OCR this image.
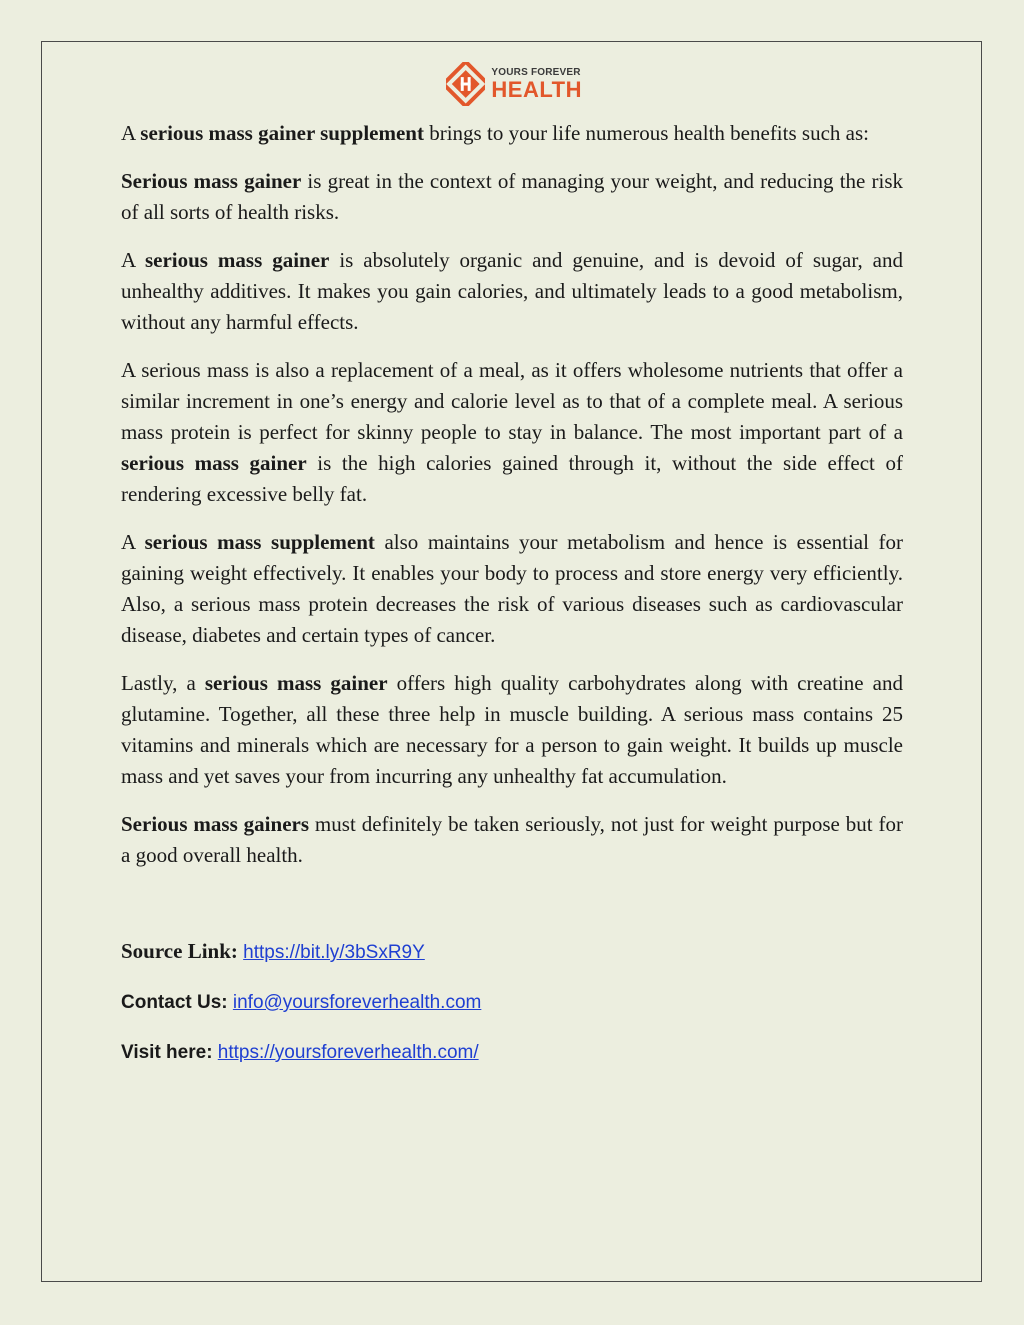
YOURS FOREVER
HEALTH

A serious mass gainer supplement brings to your life numerous health benefits such as:

Serious mass gainer is great in the context of managing your weight, and reducing the risk of all sorts of health risks.

A serious mass gainer is absolutely organic and genuine, and is devoid of sugar, and unhealthy additives. It makes you gain calories, and ultimately leads to a good metabolism, without any harmful effects.

A serious mass is also a replacement of a meal, as it offers wholesome nutrients that offer a similar increment in one’s energy and calorie level as to that of a complete meal. A serious mass protein is perfect for skinny people to stay in balance. The most important part of a serious mass gainer is the high calories gained through it, without the side effect of rendering excessive belly fat.

A serious mass supplement also maintains your metabolism and hence is essential for gaining weight effectively. It enables your body to process and store energy very efficiently. Also, a serious mass protein decreases the risk of various diseases such as cardiovascular disease, diabetes and certain types of cancer.

Lastly, a serious mass gainer offers high quality carbohydrates along with creatine and glutamine. Together, all these three help in muscle building. A serious mass contains 25 vitamins and minerals which are necessary for a person to gain weight. It builds up muscle mass and yet saves your from incurring any unhealthy fat accumulation.

Serious mass gainers must definitely be taken seriously, not just for weight purpose but for a good overall health.

Source Link: https://bit.ly/3bSxR9Y
Contact Us: info@yoursforeverhealth.com
Visit here: https://yoursforeverhealth.com/
